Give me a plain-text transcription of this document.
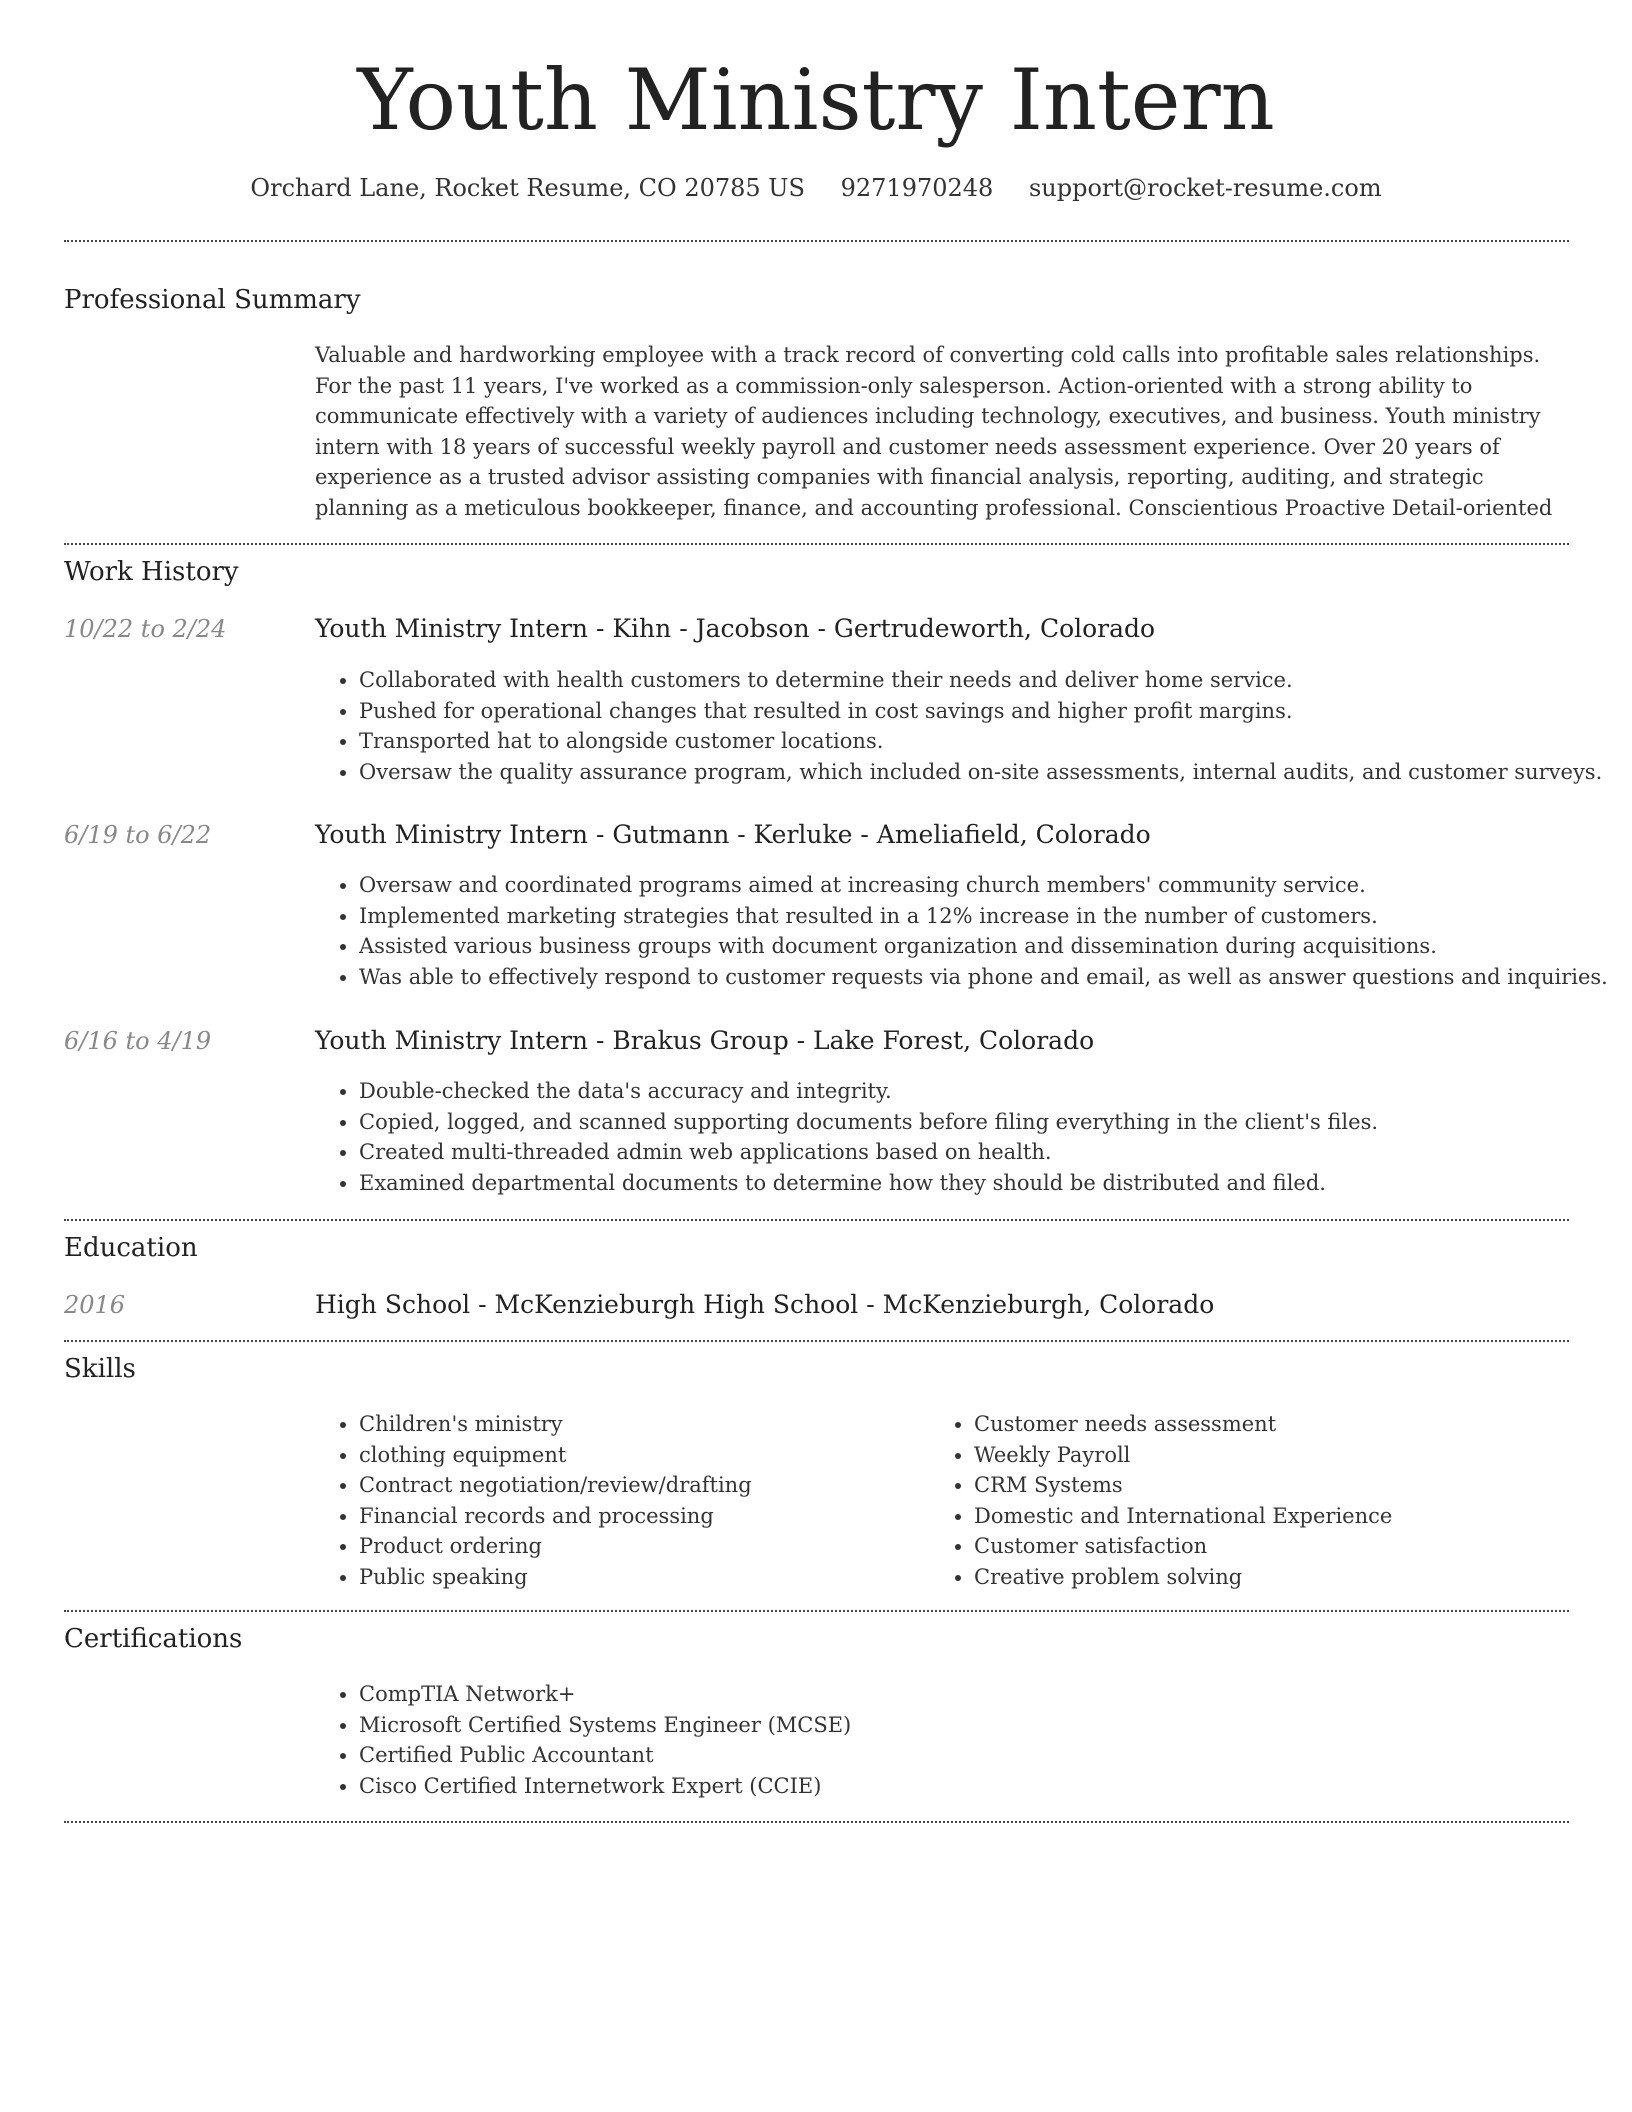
Youth Ministry Intern
Orchard Lane, Rocket Resume, CO 20785 US 9271970248 support@rocket-resume.com
Professional Summary
Valuable and hardworking employee with a track record of converting cold calls into profitable sales relationships. For the past 11 years, I've worked as a commission-only salesperson. Action-oriented with a strong ability to communicate effectively with a variety of audiences including technology, executives, and business. Youth ministry intern with 18 years of successful weekly payroll and customer needs assessment experience. Over 20 years of experience as a trusted advisor assisting companies with financial analysis, reporting, auditing, and strategic planning as a meticulous bookkeeper, finance, and accounting professional. Conscientious Proactive Detail-oriented
Work History
10/22 to 2/24	Youth Ministry Intern - Kihn - Jacobson - Gertrudeworth, Colorado
• Collaborated with health customers to determine their needs and deliver home service.
• Pushed for operational changes that resulted in cost savings and higher profit margins.
• Transported hat to alongside customer locations.
• Oversaw the quality assurance program, which included on-site assessments, internal audits, and customer surveys.
6/19 to 6/22	Youth Ministry Intern - Gutmann - Kerluke - Ameliafield, Colorado
• Oversaw and coordinated programs aimed at increasing church members' community service.
• Implemented marketing strategies that resulted in a 12% increase in the number of customers.
• Assisted various business groups with document organization and dissemination during acquisitions.
• Was able to effectively respond to customer requests via phone and email, as well as answer questions and inquiries.
6/16 to 4/19	Youth Ministry Intern - Brakus Group - Lake Forest, Colorado
• Double-checked the data's accuracy and integrity.
• Copied, logged, and scanned supporting documents before filing everything in the client's files.
• Created multi-threaded admin web applications based on health.
• Examined departmental documents to determine how they should be distributed and filed.
Education
2016	High School - McKenzieburgh High School - McKenzieburgh, Colorado
Skills
• Children's ministry
• clothing equipment
• Contract negotiation/review/drafting
• Financial records and processing
• Product ordering
• Public speaking
• Customer needs assessment
• Weekly Payroll
• CRM Systems
• Domestic and International Experience
• Customer satisfaction
• Creative problem solving
Certifications
• CompTIA Network+
• Microsoft Certified Systems Engineer (MCSE)
• Certified Public Accountant
• Cisco Certified Internetwork Expert (CCIE)
